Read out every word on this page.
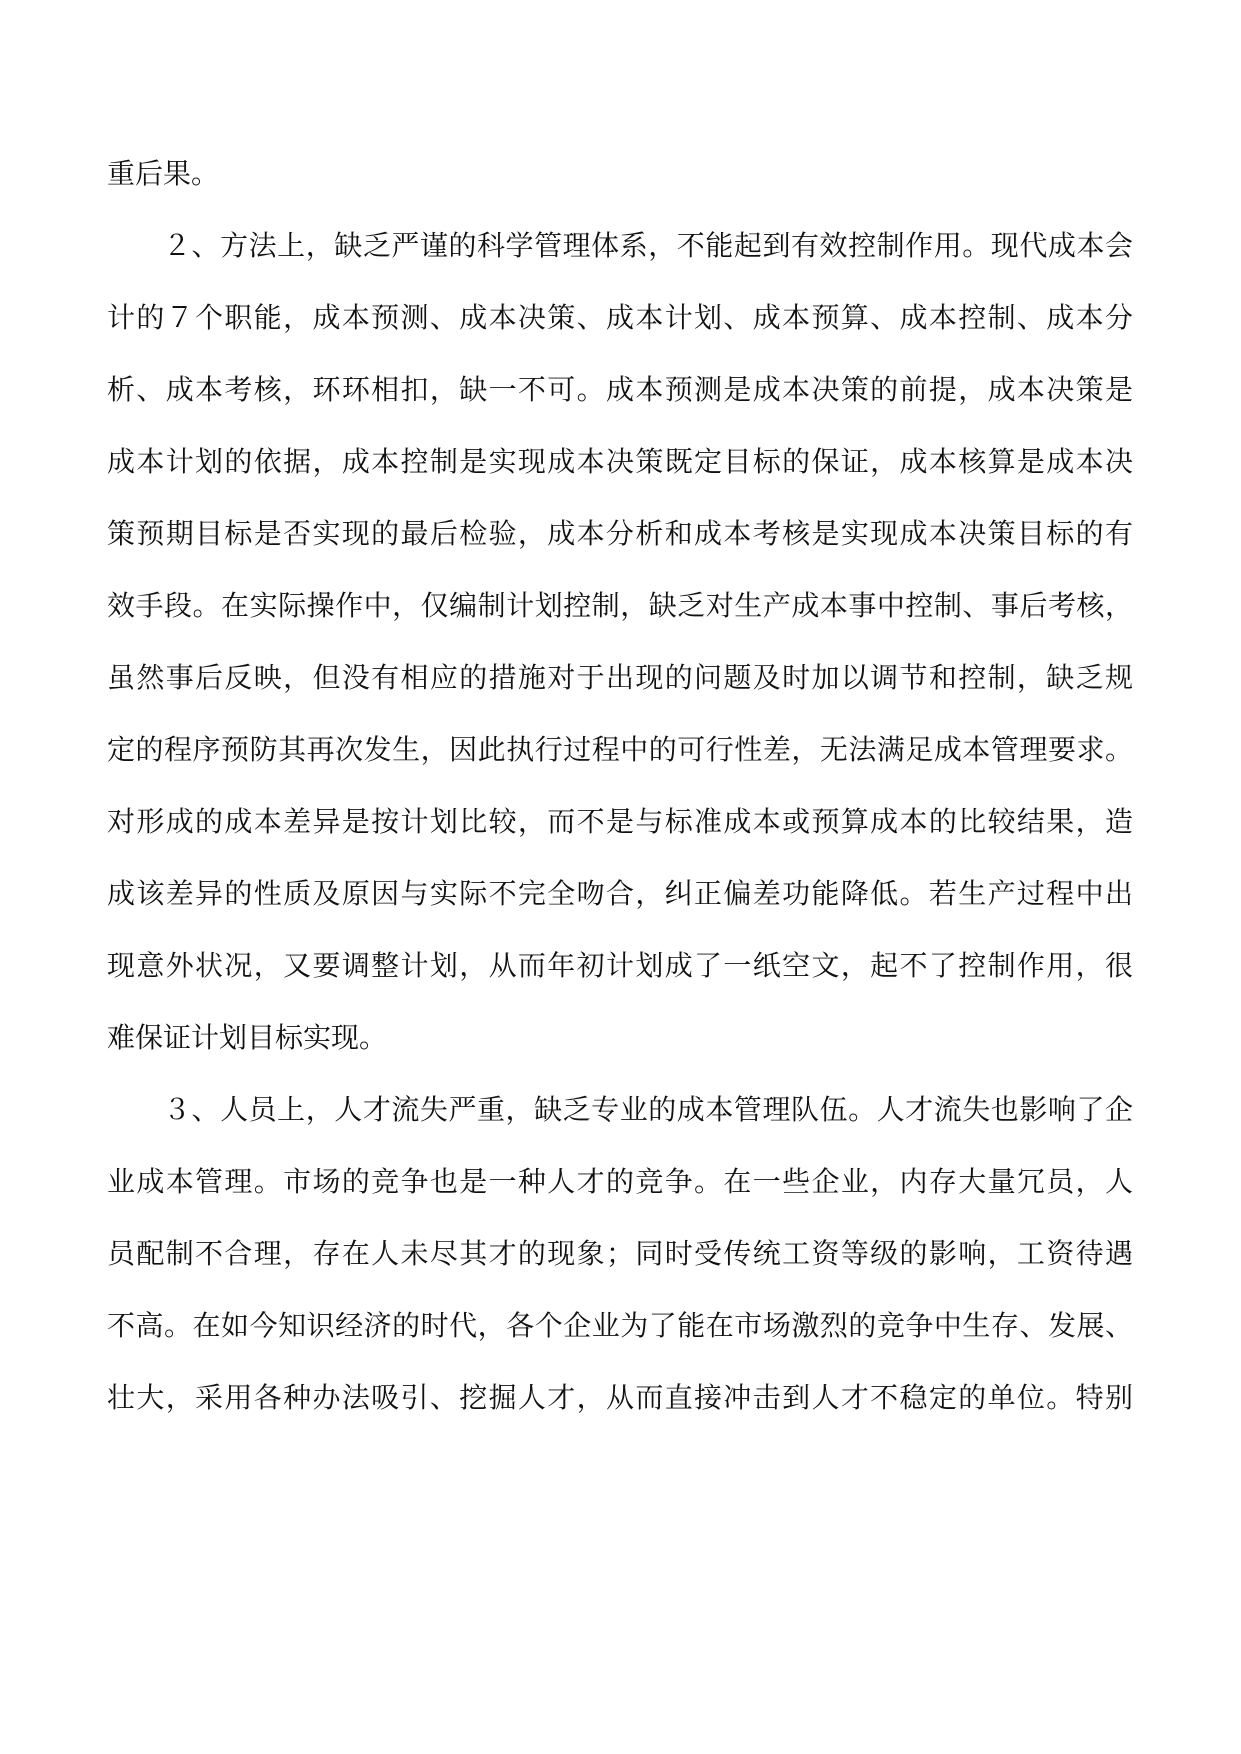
重后果。
２、方法上，缺乏严谨的科学管理体系，不能起到有效控制作用。现代成本会
计的７个职能，成本预测、成本决策、成本计划、成本预算、成本控制、成本分
析、成本考核，环环相扣，缺一不可。成本预测是成本决策的前提，成本决策是
成本计划的依据，成本控制是实现成本决策既定目标的保证，成本核算是成本决
策预期目标是否实现的最后检验，成本分析和成本考核是实现成本决策目标的有
效手段。在实际操作中，仅编制计划控制，缺乏对生产成本事中控制、事后考核，
虽然事后反映，但没有相应的措施对于出现的问题及时加以调节和控制，缺乏规
定的程序预防其再次发生，因此执行过程中的可行性差，无法满足成本管理要求。
对形成的成本差异是按计划比较，而不是与标准成本或预算成本的比较结果，造
成该差异的性质及原因与实际不完全吻合，纠正偏差功能降低。若生产过程中出
现意外状况，又要调整计划，从而年初计划成了一纸空文，起不了控制作用，很
难保证计划目标实现。
３、人员上，人才流失严重，缺乏专业的成本管理队伍。人才流失也影响了企
业成本管理。市场的竞争也是一种人才的竞争。在一些企业，内存大量冗员，人
员配制不合理，存在人未尽其才的现象；同时受传统工资等级的影响，工资待遇
不高。在如今知识经济的时代，各个企业为了能在市场激烈的竞争中生存、发展、
壮大，采用各种办法吸引、挖掘人才，从而直接冲击到人才不稳定的单位。特别
